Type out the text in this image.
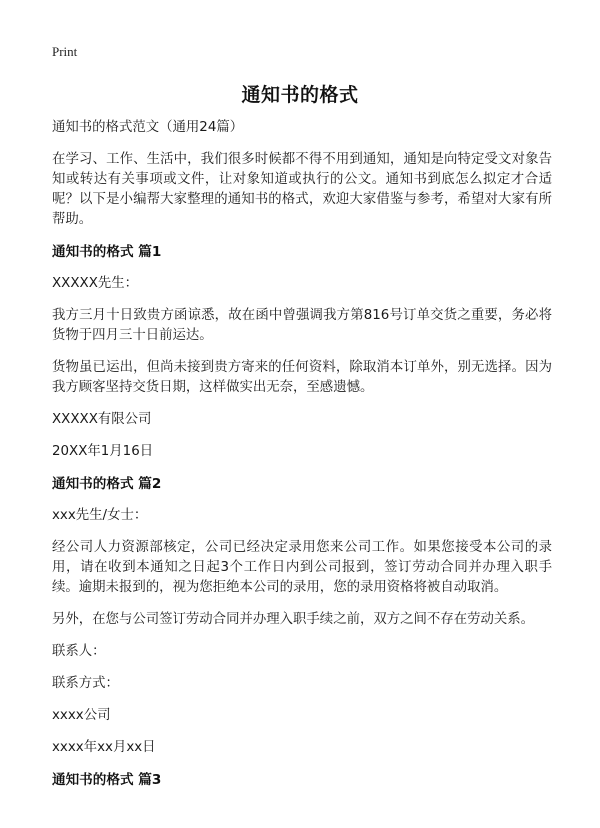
Print
通知书的格式
通知书的格式范文（通用24篇）
在学习、工作、生活中，我们很多时候都不得不用到通知，通知是向特定受文对象告知或转达有关事项或文件，让对象知道或执行的公文。通知书到底怎么拟定才合适呢？以下是小编帮大家整理的通知书的格式，欢迎大家借鉴与参考，希望对大家有所帮助。
通知书的格式 篇1
XXXXX先生：
我方三月十日致贵方函谅悉，故在函中曾强调我方第816号订单交货之重要，务必将货物于四月三十日前运达。
货物虽已运出，但尚未接到贵方寄来的任何资料，除取消本订单外，别无选择。因为我方顾客坚持交货日期，这样做实出无奈，至感遗憾。
XXXXX有限公司
20XX年1月16日
通知书的格式 篇2
xxx先生/女士：
经公司人力资源部核定，公司已经决定录用您来公司工作。如果您接受本公司的录用，请在收到本通知之日起3个工作日内到公司报到，签订劳动合同并办理入职手续。逾期未报到的，视为您拒绝本公司的录用，您的录用资格将被自动取消。
另外，在您与公司签订劳动合同并办理入职手续之前，双方之间不存在劳动关系。
联系人：
联系方式：
xxxx公司
xxxx年xx月xx日
通知书的格式 篇3
